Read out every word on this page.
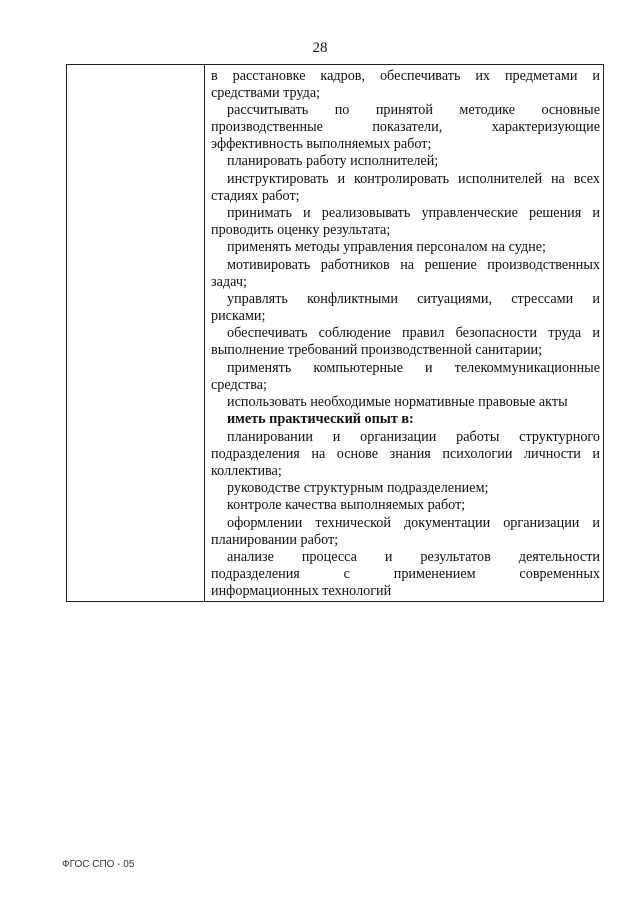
28
в расстановке кадров, обеспечивать их предметами и
средствами труда;
рассчитывать по принятой методике основные
производственные показатели, характеризующие
эффективность выполняемых работ;
планировать работу исполнителей;
инструктировать и контролировать исполнителей на всех
стадиях работ;
принимать и реализовывать управленческие решения и
проводить оценку результата;
применять методы управления персоналом на судне;
мотивировать работников на решение производственных
задач;
управлять конфликтными ситуациями, стрессами и
рисками;
обеспечивать соблюдение правил безопасности труда и
выполнение требований производственной санитарии;
применять компьютерные и телекоммуникационные
средства;
использовать необходимые нормативные правовые акты
иметь практический опыт в:
планировании и организации работы структурного
подразделения на основе знания психологии личности и
коллектива;
руководстве структурным подразделением;
контроле качества выполняемых работ;
оформлении технической документации организации и
планировании работ;
анализе процесса и результатов деятельности
подразделения с применением современных
информационных технологий
ФГОС СПО - 05
